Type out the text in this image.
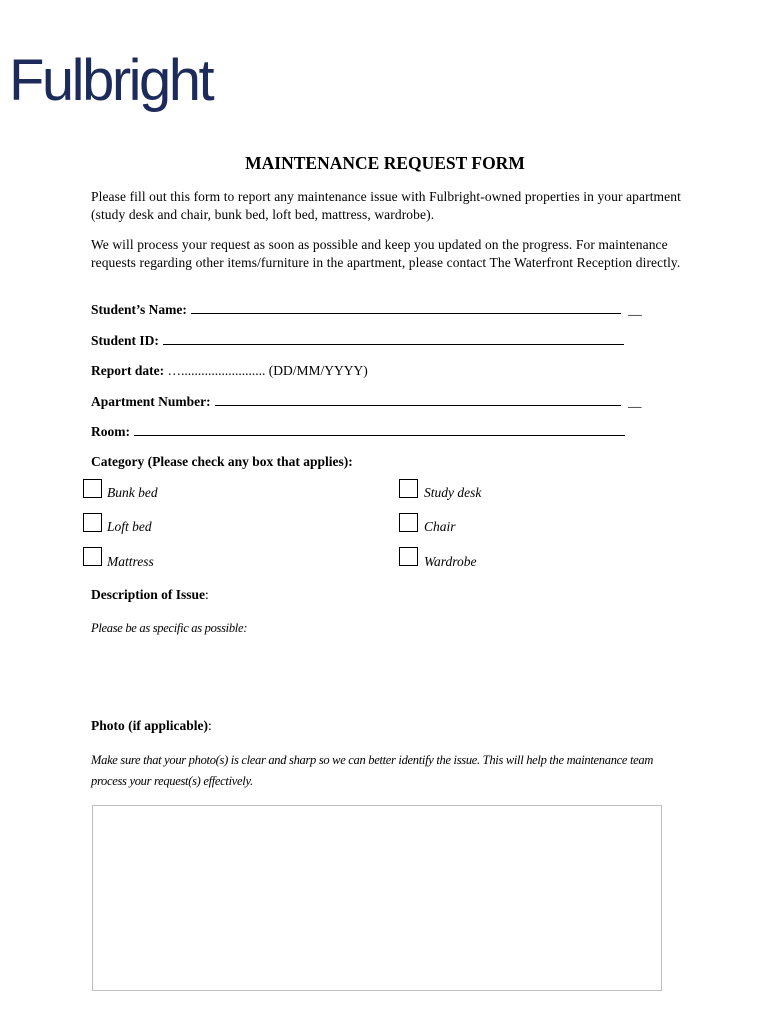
Fulbright
MAINTENANCE REQUEST FORM
Please fill out this form to report any maintenance issue with Fulbright-owned properties in your apartment (study desk and chair, bunk bed, loft bed, mattress, wardrobe).
We will process your request as soon as possible and keep you updated on the progress. For maintenance requests regarding other items/furniture in the apartment, please contact The Waterfront Reception directly.
Student’s Name:	__
Student ID:
Report date: …......................... (DD/MM/YYYY)
Apartment Number:	__
Room:
Category (Please check any box that applies):
Bunk bed
Loft bed
Mattress
Study desk
Chair
Wardrobe
Description of Issue:
Please be as specific as possible:
Photo (if applicable):
Make sure that your photo(s) is clear and sharp so we can better identify the issue. This will help the maintenance team process your request(s) effectively.
